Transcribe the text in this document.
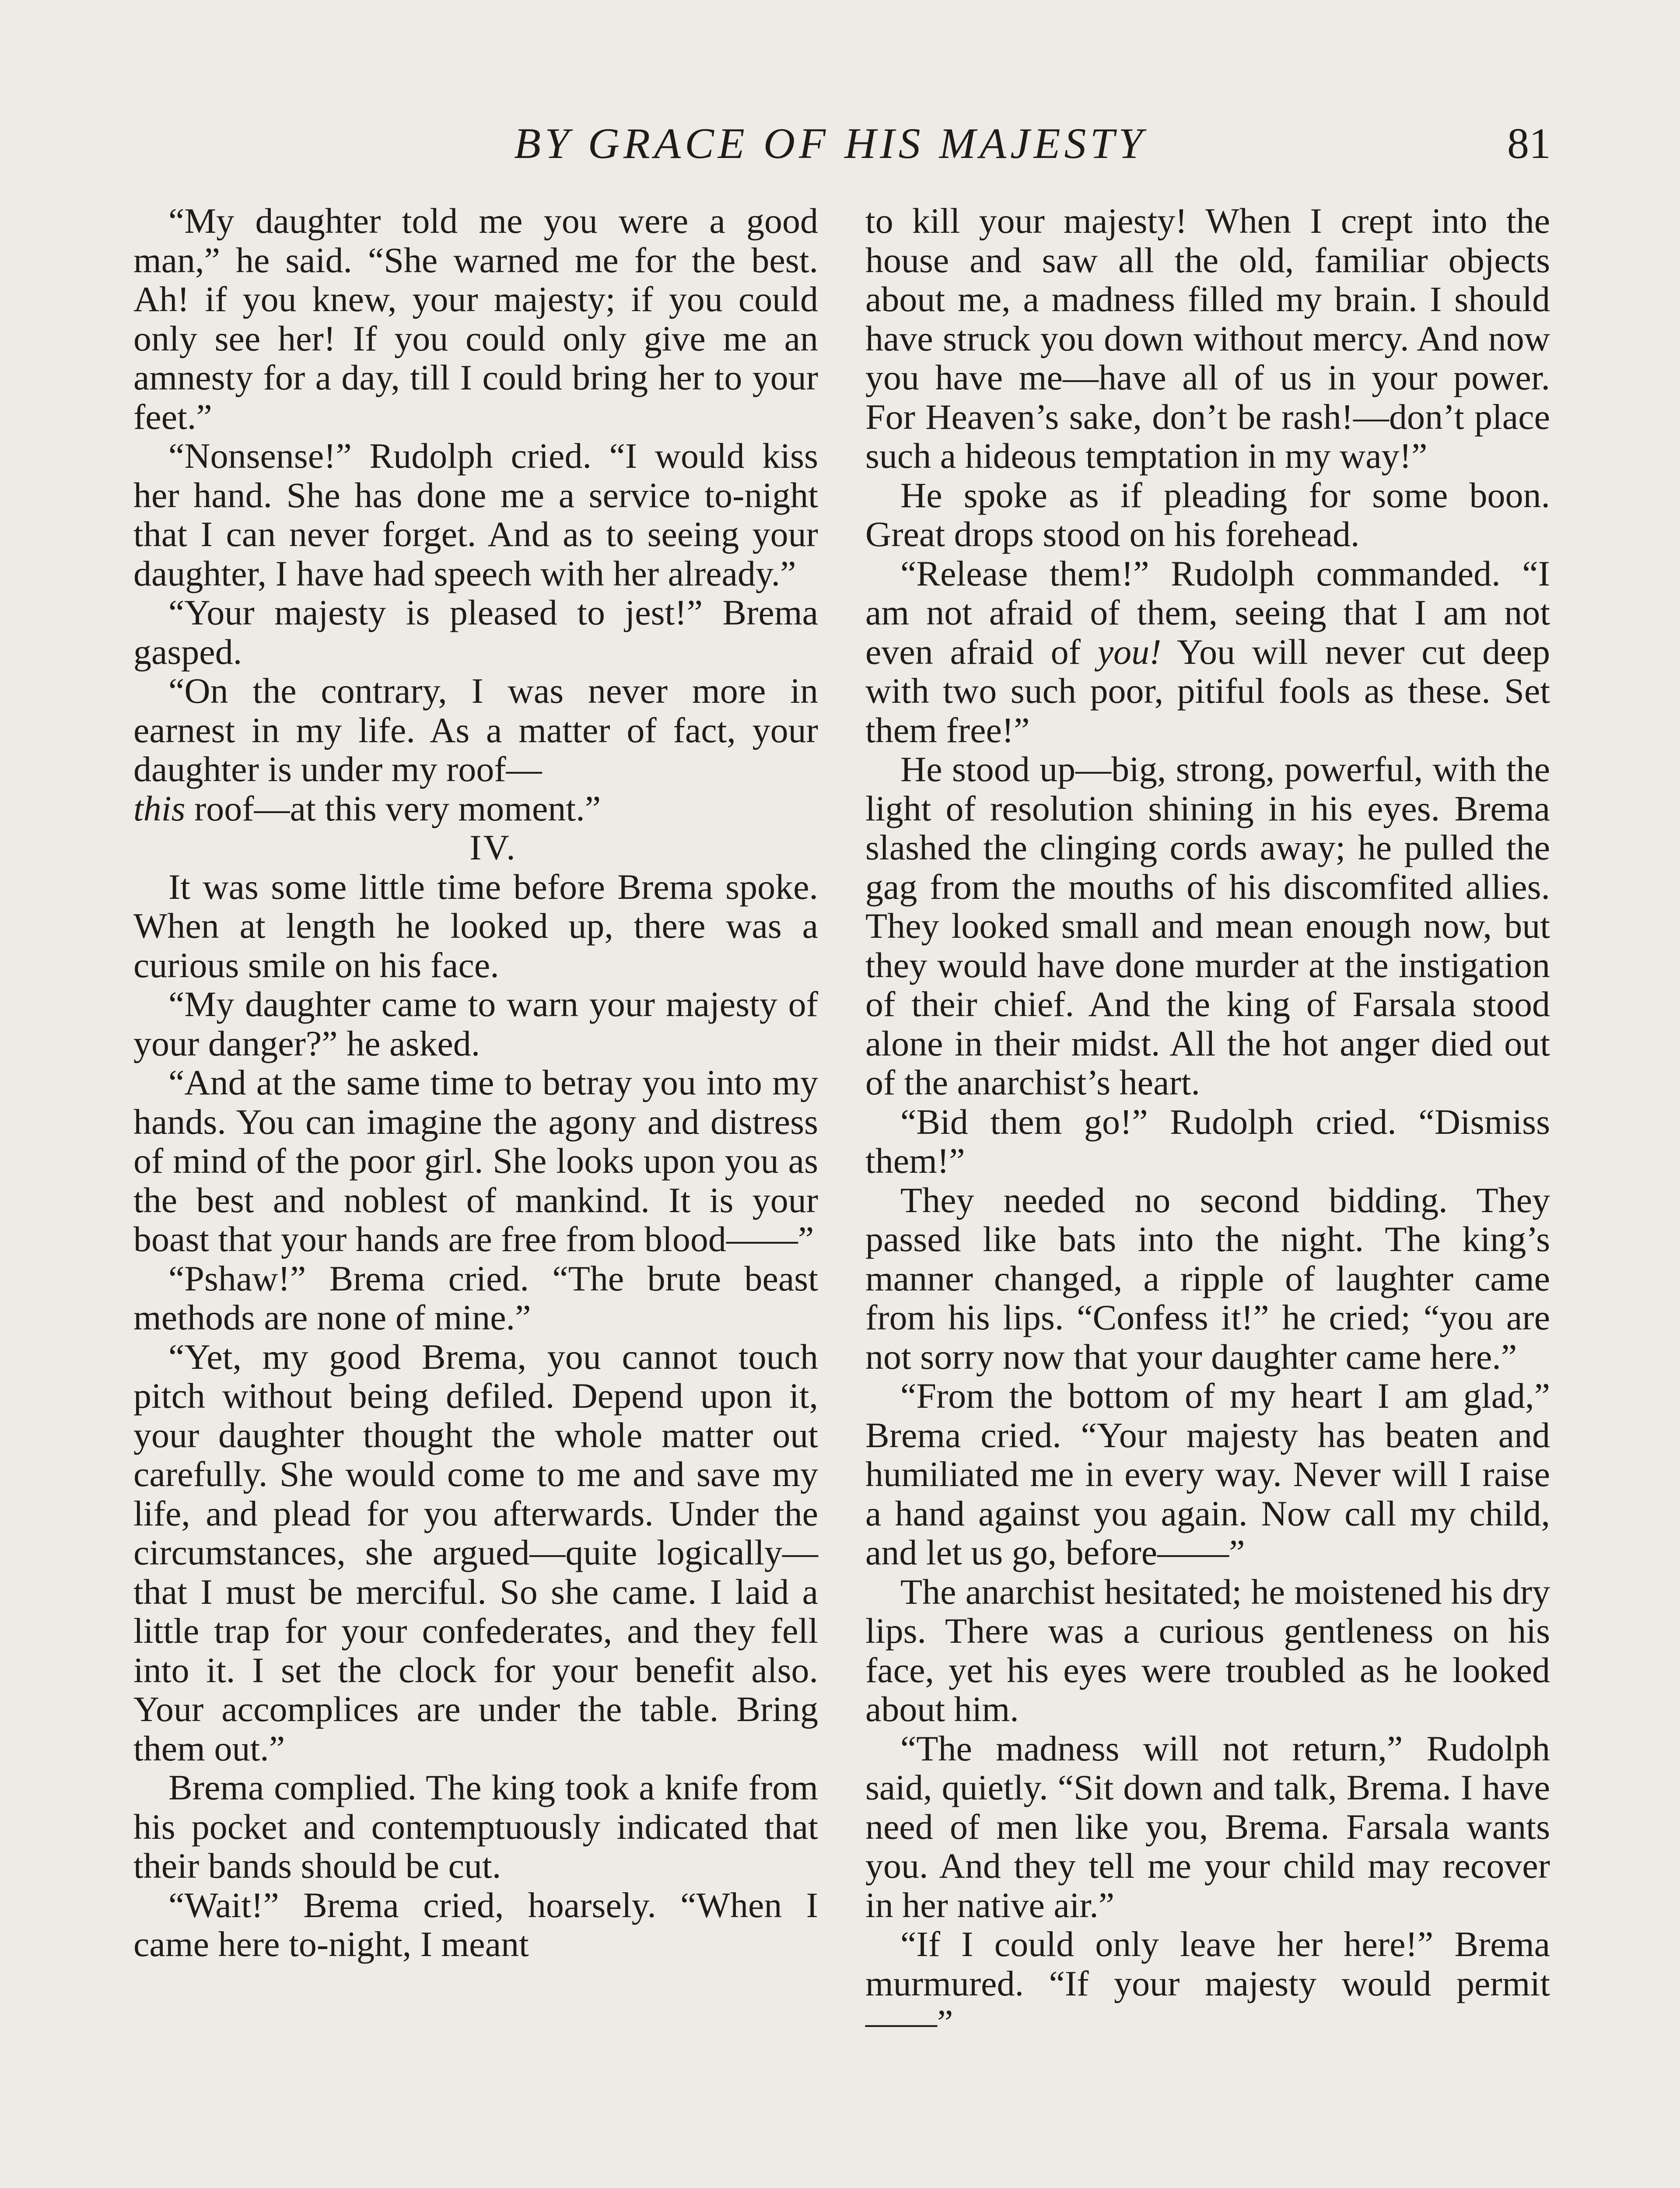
BY GRACE OF HIS MAJESTY	81

“My daughter told me you were a good man,” he said. “She warned me for the best. Ah! if you knew, your majesty; if you could only see her! If you could only give me an amnesty for a day, till I could bring her to your feet.”

“Nonsense!” Rudolph cried. “I would kiss her hand. She has done me a service to-night that I can never forget. And as to seeing your daughter, I have had speech with her already.”

“Your majesty is pleased to jest!” Brema gasped.

“On the contrary, I was never more in earnest in my life. As a matter of fact, your daughter is under my roof—
this roof—at this very moment.”

IV.

It was some little time before Brema spoke. When at length he looked up, there was a curious smile on his face.

“My daughter came to warn your majesty of your danger?” he asked.

“And at the same time to betray you into my hands. You can imagine the agony and distress of mind of the poor girl. She looks upon you as the best and noblest of mankind. It is your boast that your hands are free from blood——”

“Pshaw!” Brema cried. “The brute beast methods are none of mine.”

“Yet, my good Brema, you cannot touch pitch without being defiled. Depend upon it, your daughter thought the whole matter out carefully. She would come to me and save my life, and plead for you afterwards. Under the circumstances, she argued—quite logically—that I must be merciful. So she came. I laid a little trap for your confederates, and they fell into it. I set the clock for your benefit also. Your accomplices are under the table. Bring them out.”

Brema complied. The king took a knife from his pocket and contemptuously indicated that their bands should be cut.

“Wait!” Brema cried, hoarsely. “When I came here to-night, I meant

to kill your majesty! When I crept into the house and saw all the old, familiar objects about me, a madness filled my brain. I should have struck you down without mercy. And now you have me—have all of us in your power. For Heaven’s sake, don’t be rash!—don’t place such a hideous temptation in my way!”

He spoke as if pleading for some boon. Great drops stood on his forehead.

“Release them!” Rudolph commanded. “I am not afraid of them, seeing that I am not even afraid of you! You will never cut deep with two such poor, pitiful fools as these. Set them free!”

He stood up—big, strong, powerful, with the light of resolution shining in his eyes. Brema slashed the clinging cords away; he pulled the gag from the mouths of his discomfited allies. They looked small and mean enough now, but they would have done murder at the instigation of their chief. And the king of Farsala stood alone in their midst. All the hot anger died out of the anarchist’s heart.

“Bid them go!” Rudolph cried. “Dismiss them!”

They needed no second bidding. They passed like bats into the night. The king’s manner changed, a ripple of laughter came from his lips. “Confess it!” he cried; “you are not sorry now that your daughter came here.”

“From the bottom of my heart I am glad,” Brema cried. “Your majesty has beaten and humiliated me in every way. Never will I raise a hand against you again. Now call my child, and let us go, before——”

The anarchist hesitated; he moistened his dry lips. There was a curious gentleness on his face, yet his eyes were troubled as he looked about him.

“The madness will not return,” Rudolph said, quietly. “Sit down and talk, Brema. I have need of men like you, Brema. Farsala wants you. And they tell me your child may recover in her native air.”

“If I could only leave her here!” Brema murmured. “If your majesty would permit——”
